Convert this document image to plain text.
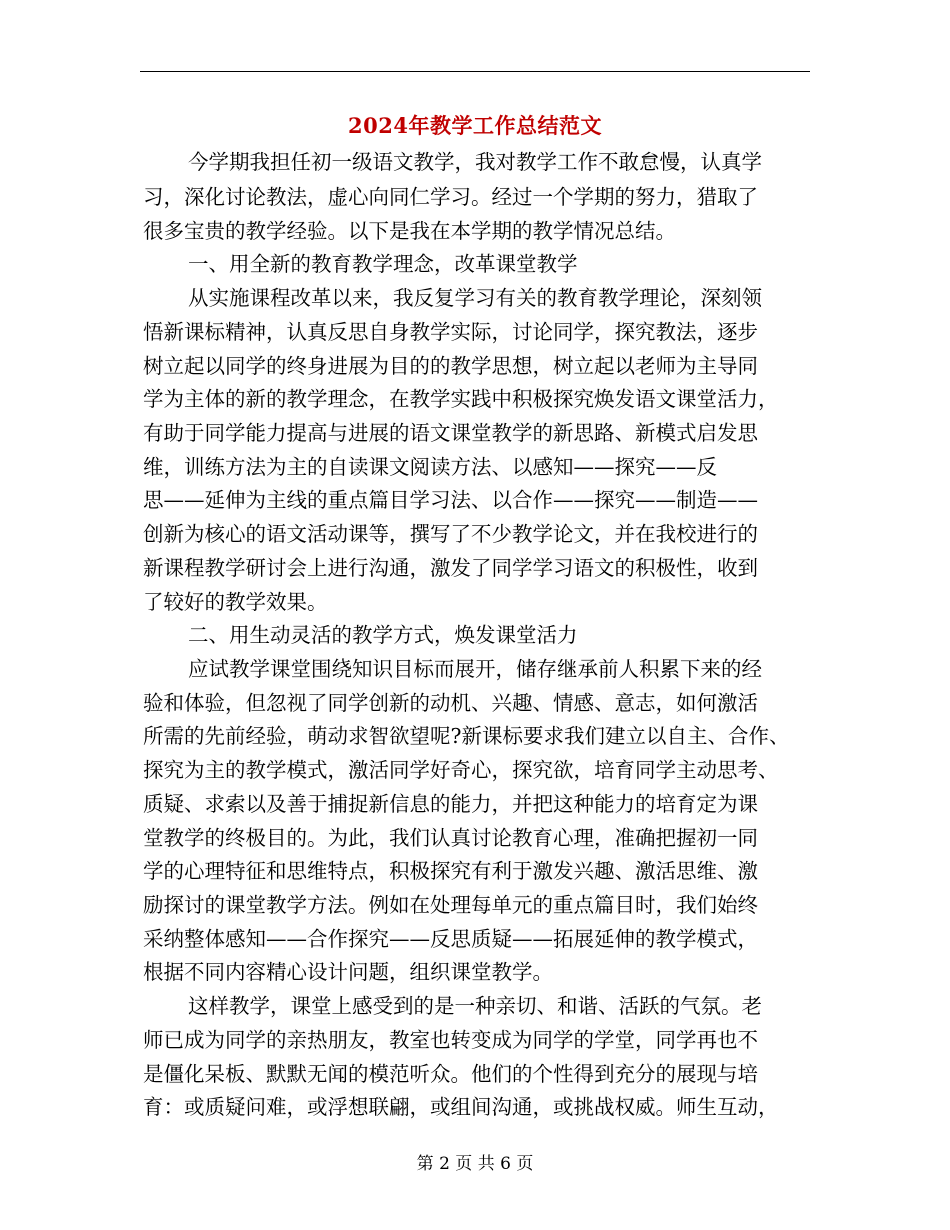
2024年教学工作总结范文
今学期我担任初一级语文教学，我对教学工作不敢怠慢，认真学
习，深化讨论教法，虚心向同仁学习。经过一个学期的努力，猎取了
很多宝贵的教学经验。以下是我在本学期的教学情况总结。
一、用全新的教育教学理念，改革课堂教学
从实施课程改革以来，我反复学习有关的教育教学理论，深刻领
悟新课标精神，认真反思自身教学实际，讨论同学，探究教法，逐步
树立起以同学的终身进展为目的的教学思想，树立起以老师为主导同
学为主体的新的教学理念，在教学实践中积极探究焕发语文课堂活力，
有助于同学能力提高与进展的语文课堂教学的新思路、新模式启发思
维，训练方法为主的自读课文阅读方法、以感知——探究——反
思——延伸为主线的重点篇目学习法、以合作——探究——制造——
创新为核心的语文活动课等，撰写了不少教学论文，并在我校进行的
新课程教学研讨会上进行沟通，激发了同学学习语文的积极性，收到
了较好的教学效果。
二、用生动灵活的教学方式，焕发课堂活力
应试教学课堂围绕知识目标而展开，储存继承前人积累下来的经
验和体验，但忽视了同学创新的动机、兴趣、情感、意志，如何激活
所需的先前经验，萌动求智欲望呢?新课标要求我们建立以自主、合作、
探究为主的教学模式，激活同学好奇心，探究欲，培育同学主动思考、
质疑、求索以及善于捕捉新信息的能力，并把这种能力的培育定为课
堂教学的终极目的。为此，我们认真讨论教育心理，准确把握初一同
学的心理特征和思维特点，积极探究有利于激发兴趣、激活思维、激
励探讨的课堂教学方法。例如在处理每单元的重点篇目时，我们始终
采纳整体感知——合作探究——反思质疑——拓展延伸的教学模式，
根据不同内容精心设计问题，组织课堂教学。
这样教学，课堂上感受到的是一种亲切、和谐、活跃的气氛。老
师已成为同学的亲热朋友，教室也转变成为同学的学堂，同学再也不
是僵化呆板、默默无闻的模范听众。他们的个性得到充分的展现与培
育：或质疑问难，或浮想联翩，或组间沟通，或挑战权威。师生互动，
第 2 页 共 6 页
